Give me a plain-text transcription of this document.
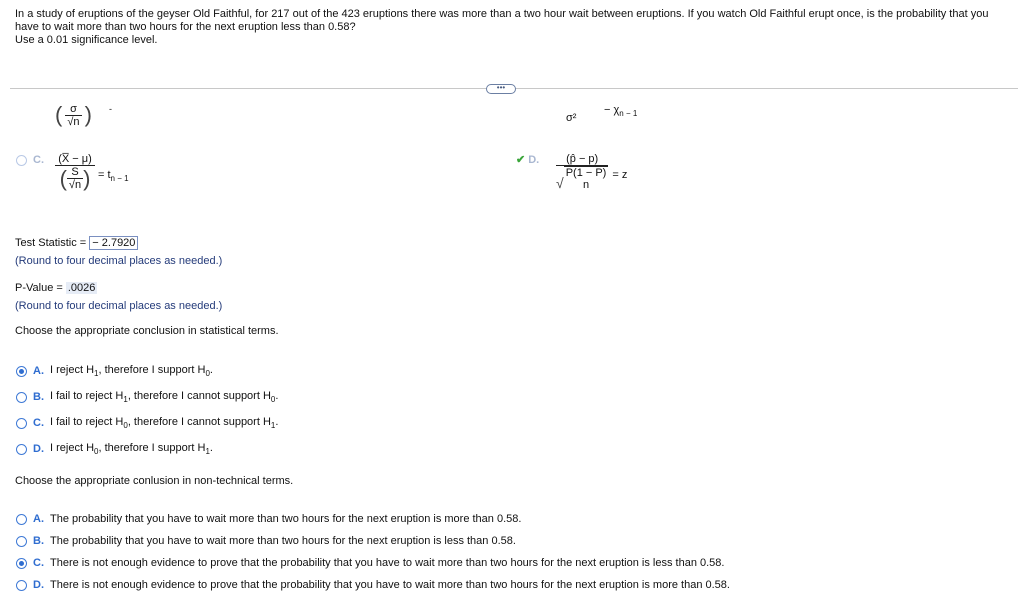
In a study of eruptions of the geyser Old Faithful, for 217 out of the 423 eruptions there was more than a two hour wait between eruptions. If you watch Old Faithful erupt once, is the probability that you have to wait more than two hours for the next eruption less than 0.58?
Use a 0.01 significance level.
•••
( $\frac{\sigma}{√n}$ ) ‐
C. (X̅ − μ)
( $\frac{S}{√n}$ ) = $t_{n - 1}$
σ²
− $\chi_{n - 1}$
✔ D. (p̂ − p)
√
P(1 − P)
n = z
Test Statistic = − 2.7920
(Round to four decimal places as needed.)
P-Value = .0026
(Round to four decimal places as needed.)
Choose the appropriate conclusion in statistical terms.
A. I reject $H_1$, therefore I support $H_0$.
B. I fail to reject $H_1$, therefore I cannot support $H_0$.
C. I fail to reject $H_0$, therefore I cannot support $H_1$.
D. I reject $H_0$, therefore I support $H_1$.
Choose the appropriate conlusion in non-technical terms.
A. The probability that you have to wait more than two hours for the next eruption is more than 0.58.
B. The probability that you have to wait more than two hours for the next eruption is less than 0.58.
C. There is not enough evidence to prove that the probability that you have to wait more than two hours for the next eruption is less than 0.58.
D. There is not enough evidence to prove that the probability that you have to wait more than two hours for the next eruption is more than 0.58.
